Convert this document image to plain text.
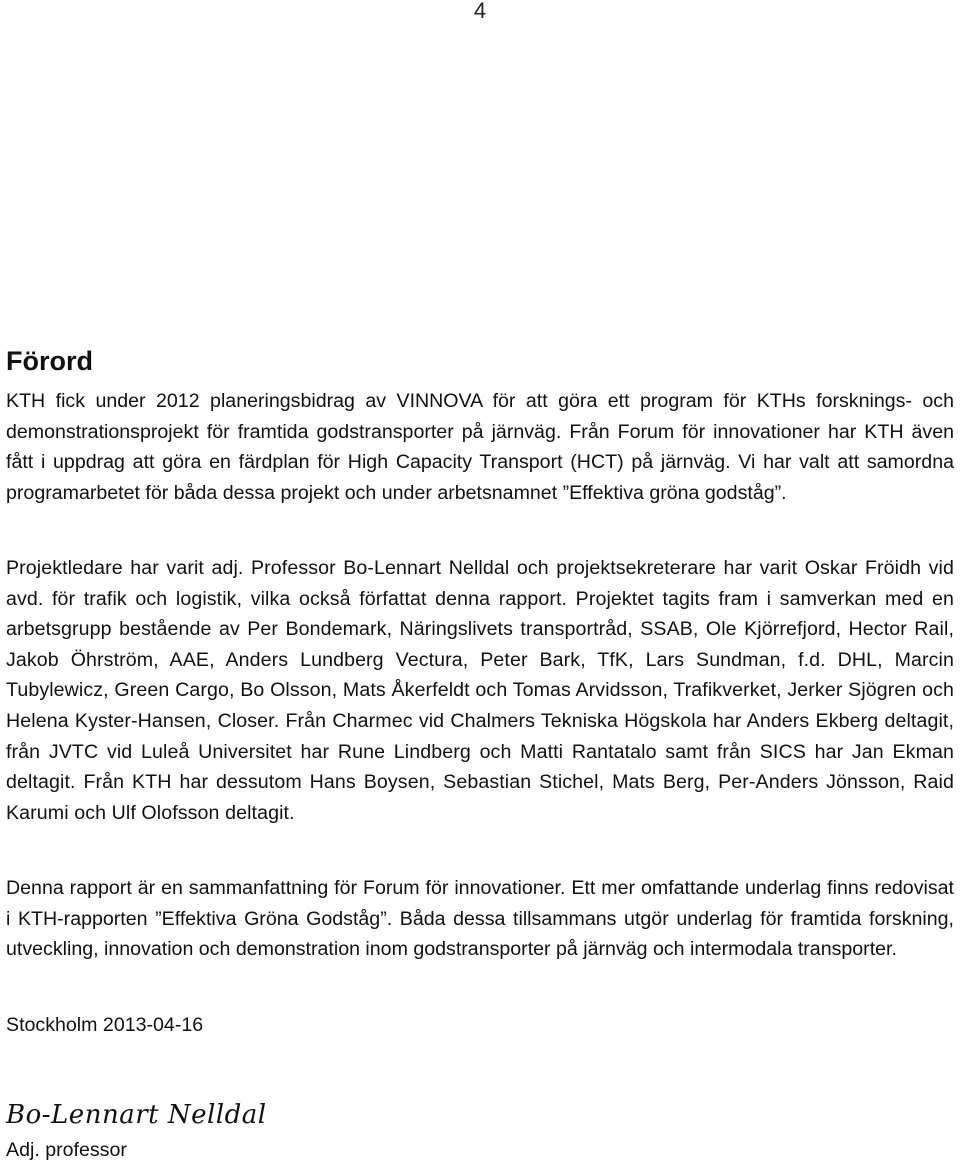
4
Förord

KTH fick under 2012 planeringsbidrag av VINNOVA för att göra ett program för KTHs forsknings- och demonstrationsprojekt för framtida godstransporter på järnväg. Från Forum för innovationer har KTH även fått i uppdrag att göra en färdplan för High Capacity Transport (HCT) på järnväg. Vi har valt att samordna programarbetet för båda dessa projekt och under arbetsnamnet ”Effektiva gröna godståg”.

Projektledare har varit adj. Professor Bo-Lennart Nelldal och projektsekreterare har varit Oskar Fröidh vid avd. för trafik och logistik, vilka också författat denna rapport. Projektet tagits fram i samverkan med en arbetsgrupp bestående av Per Bondemark, Näringslivets transportråd, SSAB, Ole Kjörrefjord, Hector Rail, Jakob Öhrström, AAE, Anders Lundberg Vectura, Peter Bark, TfK, Lars Sundman, f.d. DHL, Marcin Tubylewicz, Green Cargo, Bo Olsson, Mats Åkerfeldt och Tomas Arvidsson, Trafikverket, Jerker Sjögren och Helena Kyster-Hansen, Closer. Från Charmec vid Chalmers Tekniska Högskola har Anders Ekberg deltagit, från JVTC vid Luleå Universitet har Rune Lindberg och Matti Rantatalo samt från SICS har Jan Ekman deltagit. Från KTH har dessutom Hans Boysen, Sebastian Stichel, Mats Berg, Per-Anders Jönsson, Raid Karumi och Ulf Olofsson deltagit.

Denna rapport är en sammanfattning för Forum för innovationer. Ett mer omfattande underlag finns redovisat i KTH-rapporten ”Effektiva Gröna Godståg”. Båda dessa tillsammans utgör underlag för framtida forskning, utveckling, innovation och demonstration inom godstransporter på järnväg och intermodala transporter.

Stockholm 2013-04-16

Bo-Lennart Nelldal

Adj. professor
